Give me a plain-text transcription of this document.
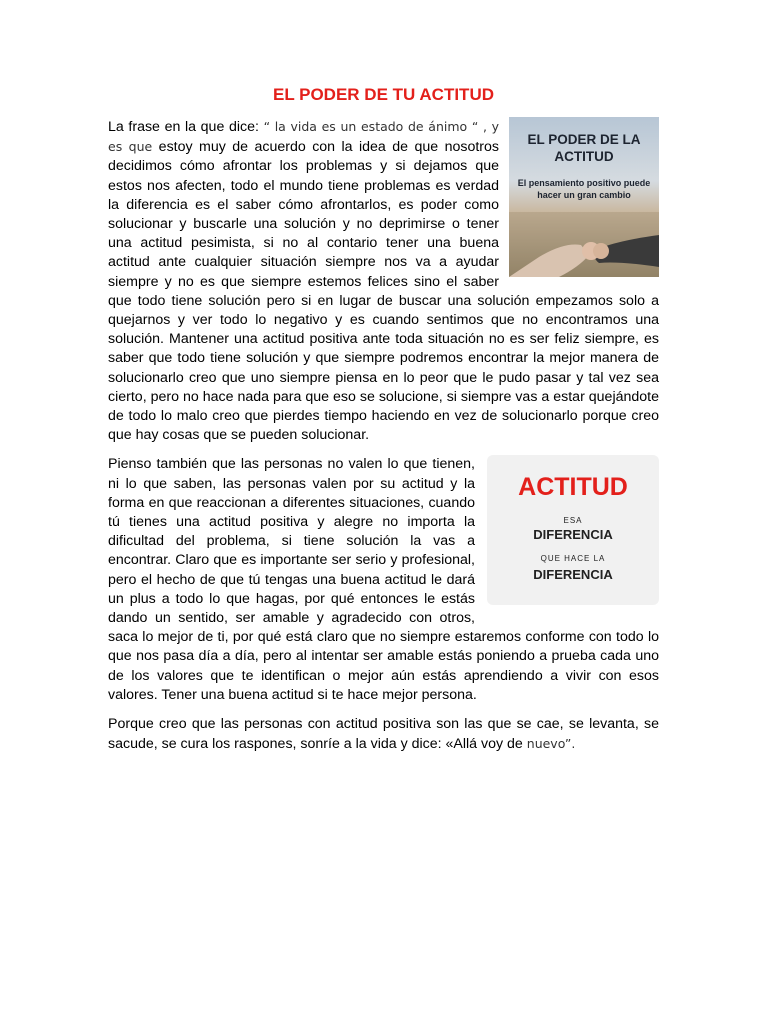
EL PODER DE TU ACTITUD

EL PODER DE LA ACTITUD
El pensamiento positivo puede hacer un gran cambio
La frase en la que dice: “ la vida es un estado de ánimo “ , y es que estoy muy de acuerdo con la idea de que nosotros decidimos cómo afrontar los problemas y si dejamos que estos nos afecten, todo el mundo tiene problemas es verdad la diferencia es el saber cómo afrontarlos, es poder como solucionar y buscarle una solución y no deprimirse o tener una actitud pesimista, si no al contario tener una buena actitud ante cualquier situación siempre nos va a ayudar siempre y no es que siempre estemos felices sino el saber que todo tiene solución pero si en lugar de buscar una solución empezamos solo a quejarnos y ver todo lo negativo y es cuando sentimos que no encontramos una solución. Mantener una actitud positiva ante toda situación no es ser feliz siempre, es saber que todo tiene solución y que siempre podremos encontrar la mejor manera de solucionarlo creo que uno siempre piensa en lo peor que le pudo pasar y tal vez sea cierto, pero no hace nada para que eso se solucione, si siempre vas a estar quejándote de todo lo malo creo que pierdes tiempo haciendo en vez de solucionarlo porque creo que hay cosas que se pueden solucionar.

ACTITUD
ESA
DIFERENCIA
QUE HACE LA
DIFERENCIA
Pienso también que las personas no valen lo que tienen, ni lo que saben, las personas valen por su actitud y la forma en que reaccionan a diferentes situaciones, cuando tú tienes una actitud positiva y alegre no importa la dificultad del problema, si tiene solución la vas a encontrar. Claro que es importante ser serio y profesional, pero el hecho de que tú tengas una buena actitud le dará un plus a todo lo que hagas, por qué entonces le estás dando un sentido, ser amable y agradecido con otros, saca lo mejor de ti, por qué está claro que no siempre estaremos conforme con todo lo que nos pasa día a día, pero al intentar ser amable estás poniendo a prueba cada uno de los valores que te identifican o mejor aún estás aprendiendo a vivir con esos valores. Tener una buena actitud si te hace mejor persona.

Porque creo que las personas con actitud positiva son las que se cae, se levanta, se sacude, se cura los raspones, sonríe a la vida y dice: «Allá voy de nuevo”.
